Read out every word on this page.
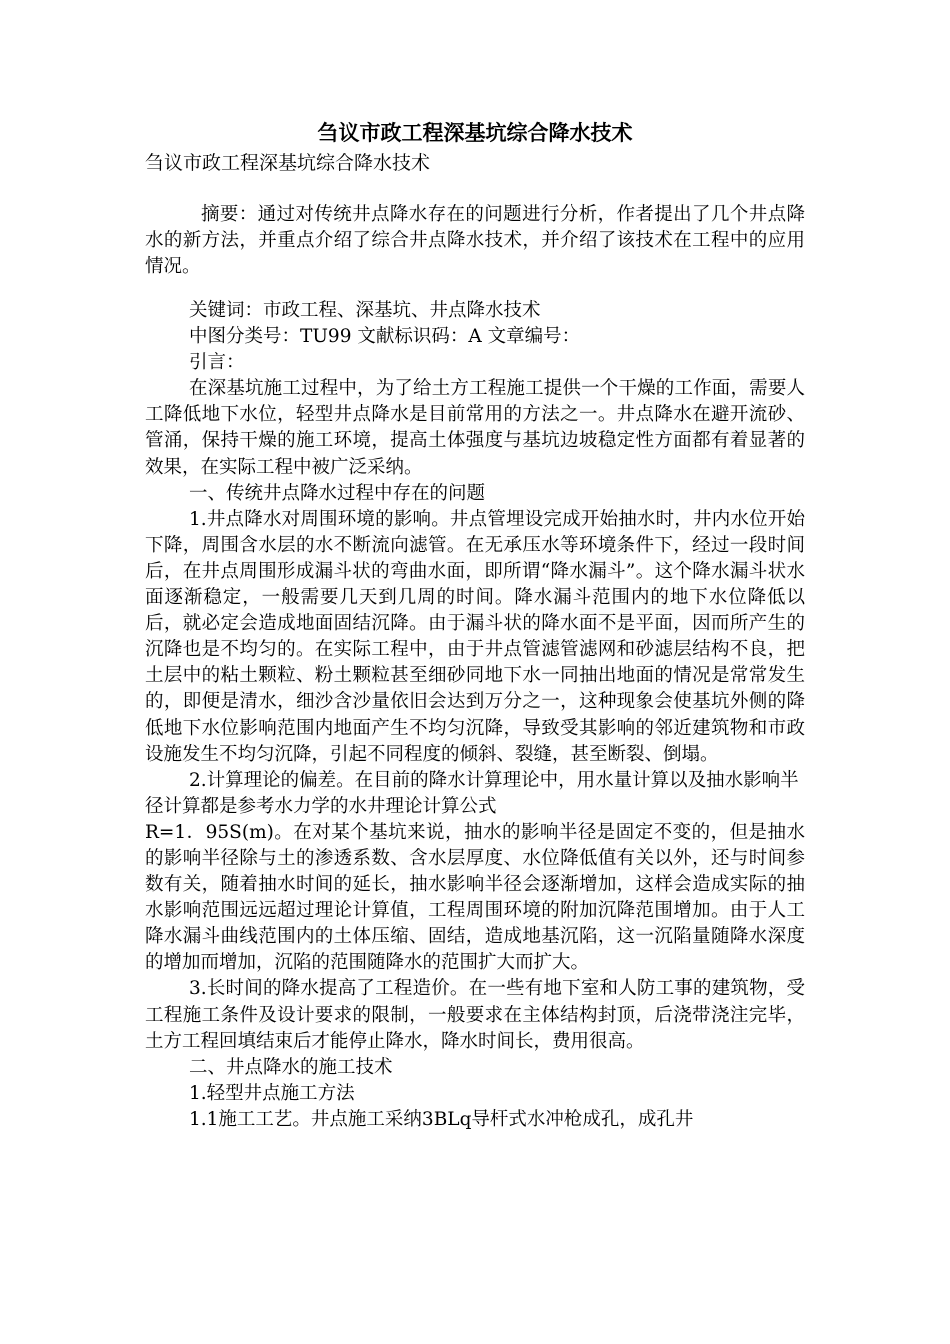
刍议市政工程深基坑综合降水技术
刍议市政工程深基坑综合降水技术

摘要：通过对传统井点降水存在的问题进行分析，作者提出了几个井点降水的新方法，并重点介绍了综合井点降水技术，并介绍了该技术在工程中的应用情况。

关键词：市政工程、深基坑、井点降水技术

中图分类号：TU99 文献标识码：A 文章编号：

引言：

在深基坑施工过程中，为了给土方工程施工提供一个干燥的工作面，需要人工降低地下水位，轻型井点降水是目前常用的方法之一。井点降水在避开流砂、管涌，保持干燥的施工环境，提高土体强度与基坑边坡稳定性方面都有着显著的效果，在实际工程中被广泛采纳。

一、传统井点降水过程中存在的问题

1.井点降水对周围环境的影响。井点管埋设完成开始抽水时，井内水位开始下降，周围含水层的水不断流向滤管。在无承压水等环境条件下，经过一段时间后，在井点周围形成漏斗状的弯曲水面，即所谓“降水漏斗”。这个降水漏斗状水面逐渐稳定，一般需要几天到几周的时间。降水漏斗范围内的地下水位降低以后，就必定会造成地面固结沉降。由于漏斗状的降水面不是平面，因而所产生的沉降也是不均匀的。在实际工程中，由于井点管滤管滤网和砂滤层结构不良，把土层中的粘土颗粒、粉土颗粒甚至细砂同地下水一同抽出地面的情况是常常发生的，即便是清水，细沙含沙量依旧会达到万分之一，这种现象会使基坑外侧的降低地下水位影响范围内地面产生不均匀沉降，导致受其影响的邻近建筑物和市政设施发生不均匀沉降，引起不同程度的倾斜、裂缝，甚至断裂、倒塌。

2.计算理论的偏差。在目前的降水计算理论中，用水量计算以及抽水影响半径计算都是参考水力学的水井理论计算公式

R=1．95S(m)。在对某个基坑来说，抽水的影响半径是固定不变的，但是抽水的影响半径除与土的渗透系数、含水层厚度、水位降低值有关以外，还与时间参数有关，随着抽水时间的延长，抽水影响半径会逐渐增加，这样会造成实际的抽水影响范围远远超过理论计算值，工程周围环境的附加沉降范围增加。由于人工降水漏斗曲线范围内的土体压缩、固结，造成地基沉陷，这一沉陷量随降水深度的增加而增加，沉陷的范围随降水的范围扩大而扩大。

3.长时间的降水提高了工程造价。在一些有地下室和人防工事的建筑物，受工程施工条件及设计要求的限制，一般要求在主体结构封顶，后浇带浇注完毕，土方工程回填结束后才能停止降水，降水时间长，费用很高。

二、井点降水的施工技术

1.轻型井点施工方法

1.1施工工艺。井点施工采纳3BLq导杆式水冲枪成孔，成孔井
